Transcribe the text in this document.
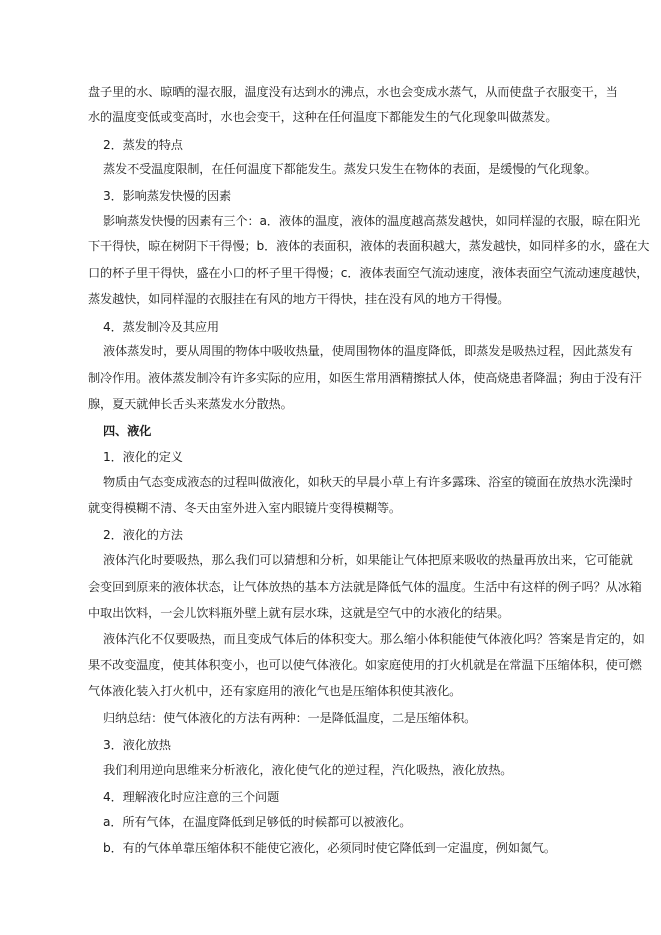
盘子里的水、晾晒的湿衣服，温度没有达到水的沸点，水也会变成水蒸气，从而使盘子衣服变干，当
水的温度变低或变高时，水也会变干，这种在任何温度下都能发生的气化现象叫做蒸发。
2．蒸发的特点
蒸发不受温度限制，在任何温度下都能发生。蒸发只发生在物体的表面，是缓慢的气化现象。
3．影响蒸发快慢的因素
影响蒸发快慢的因素有三个：a．液体的温度，液体的温度越高蒸发越快，如同样湿的衣服，晾在阳光
下干得快，晾在树阴下干得慢；b．液体的表面积，液体的表面积越大，蒸发越快，如同样多的水，盛在大
口的杯子里干得快，盛在小口的杯子里干得慢；c．液体表面空气流动速度，液体表面空气流动速度越快，
蒸发越快，如同样湿的衣服挂在有风的地方干得快，挂在没有风的地方干得慢。
4．蒸发制冷及其应用
液体蒸发时，要从周围的物体中吸收热量，使周围物体的温度降低，即蒸发是吸热过程，因此蒸发有
制冷作用。液体蒸发制冷有许多实际的应用，如医生常用酒精擦拭人体，使高烧患者降温；狗由于没有汗
腺，夏天就伸长舌头来蒸发水分散热。
四、液化
1．液化的定义
物质由气态变成液态的过程叫做液化，如秋天的早晨小草上有许多露珠、浴室的镜面在放热水洗澡时
就变得模糊不清、冬天由室外进入室内眼镜片变得模糊等。
2．液化的方法
液体汽化时要吸热，那么我们可以猜想和分析，如果能让气体把原来吸收的热量再放出来，它可能就
会变回到原来的液体状态，让气体放热的基本方法就是降低气体的温度。生活中有这样的例子吗？从冰箱
中取出饮料，一会儿饮料瓶外壁上就有层水珠，这就是空气中的水液化的结果。
液体汽化不仅要吸热，而且变成气体后的体积变大。那么缩小体积能使气体液化吗？答案是肯定的，如
果不改变温度，使其体积变小，也可以使气体液化。如家庭使用的打火机就是在常温下压缩体积，使可燃
气体液化装入打火机中，还有家庭用的液化气也是压缩体积使其液化。
归纳总结：使气体液化的方法有两种：一是降低温度，二是压缩体积。
3．液化放热
我们利用逆向思维来分析液化，液化使气化的逆过程，汽化吸热，液化放热。
4．理解液化时应注意的三个问题
a．所有气体，在温度降低到足够低的时候都可以被液化。
b．有的气体单靠压缩体积不能使它液化，必须同时使它降低到一定温度，例如氮气。
